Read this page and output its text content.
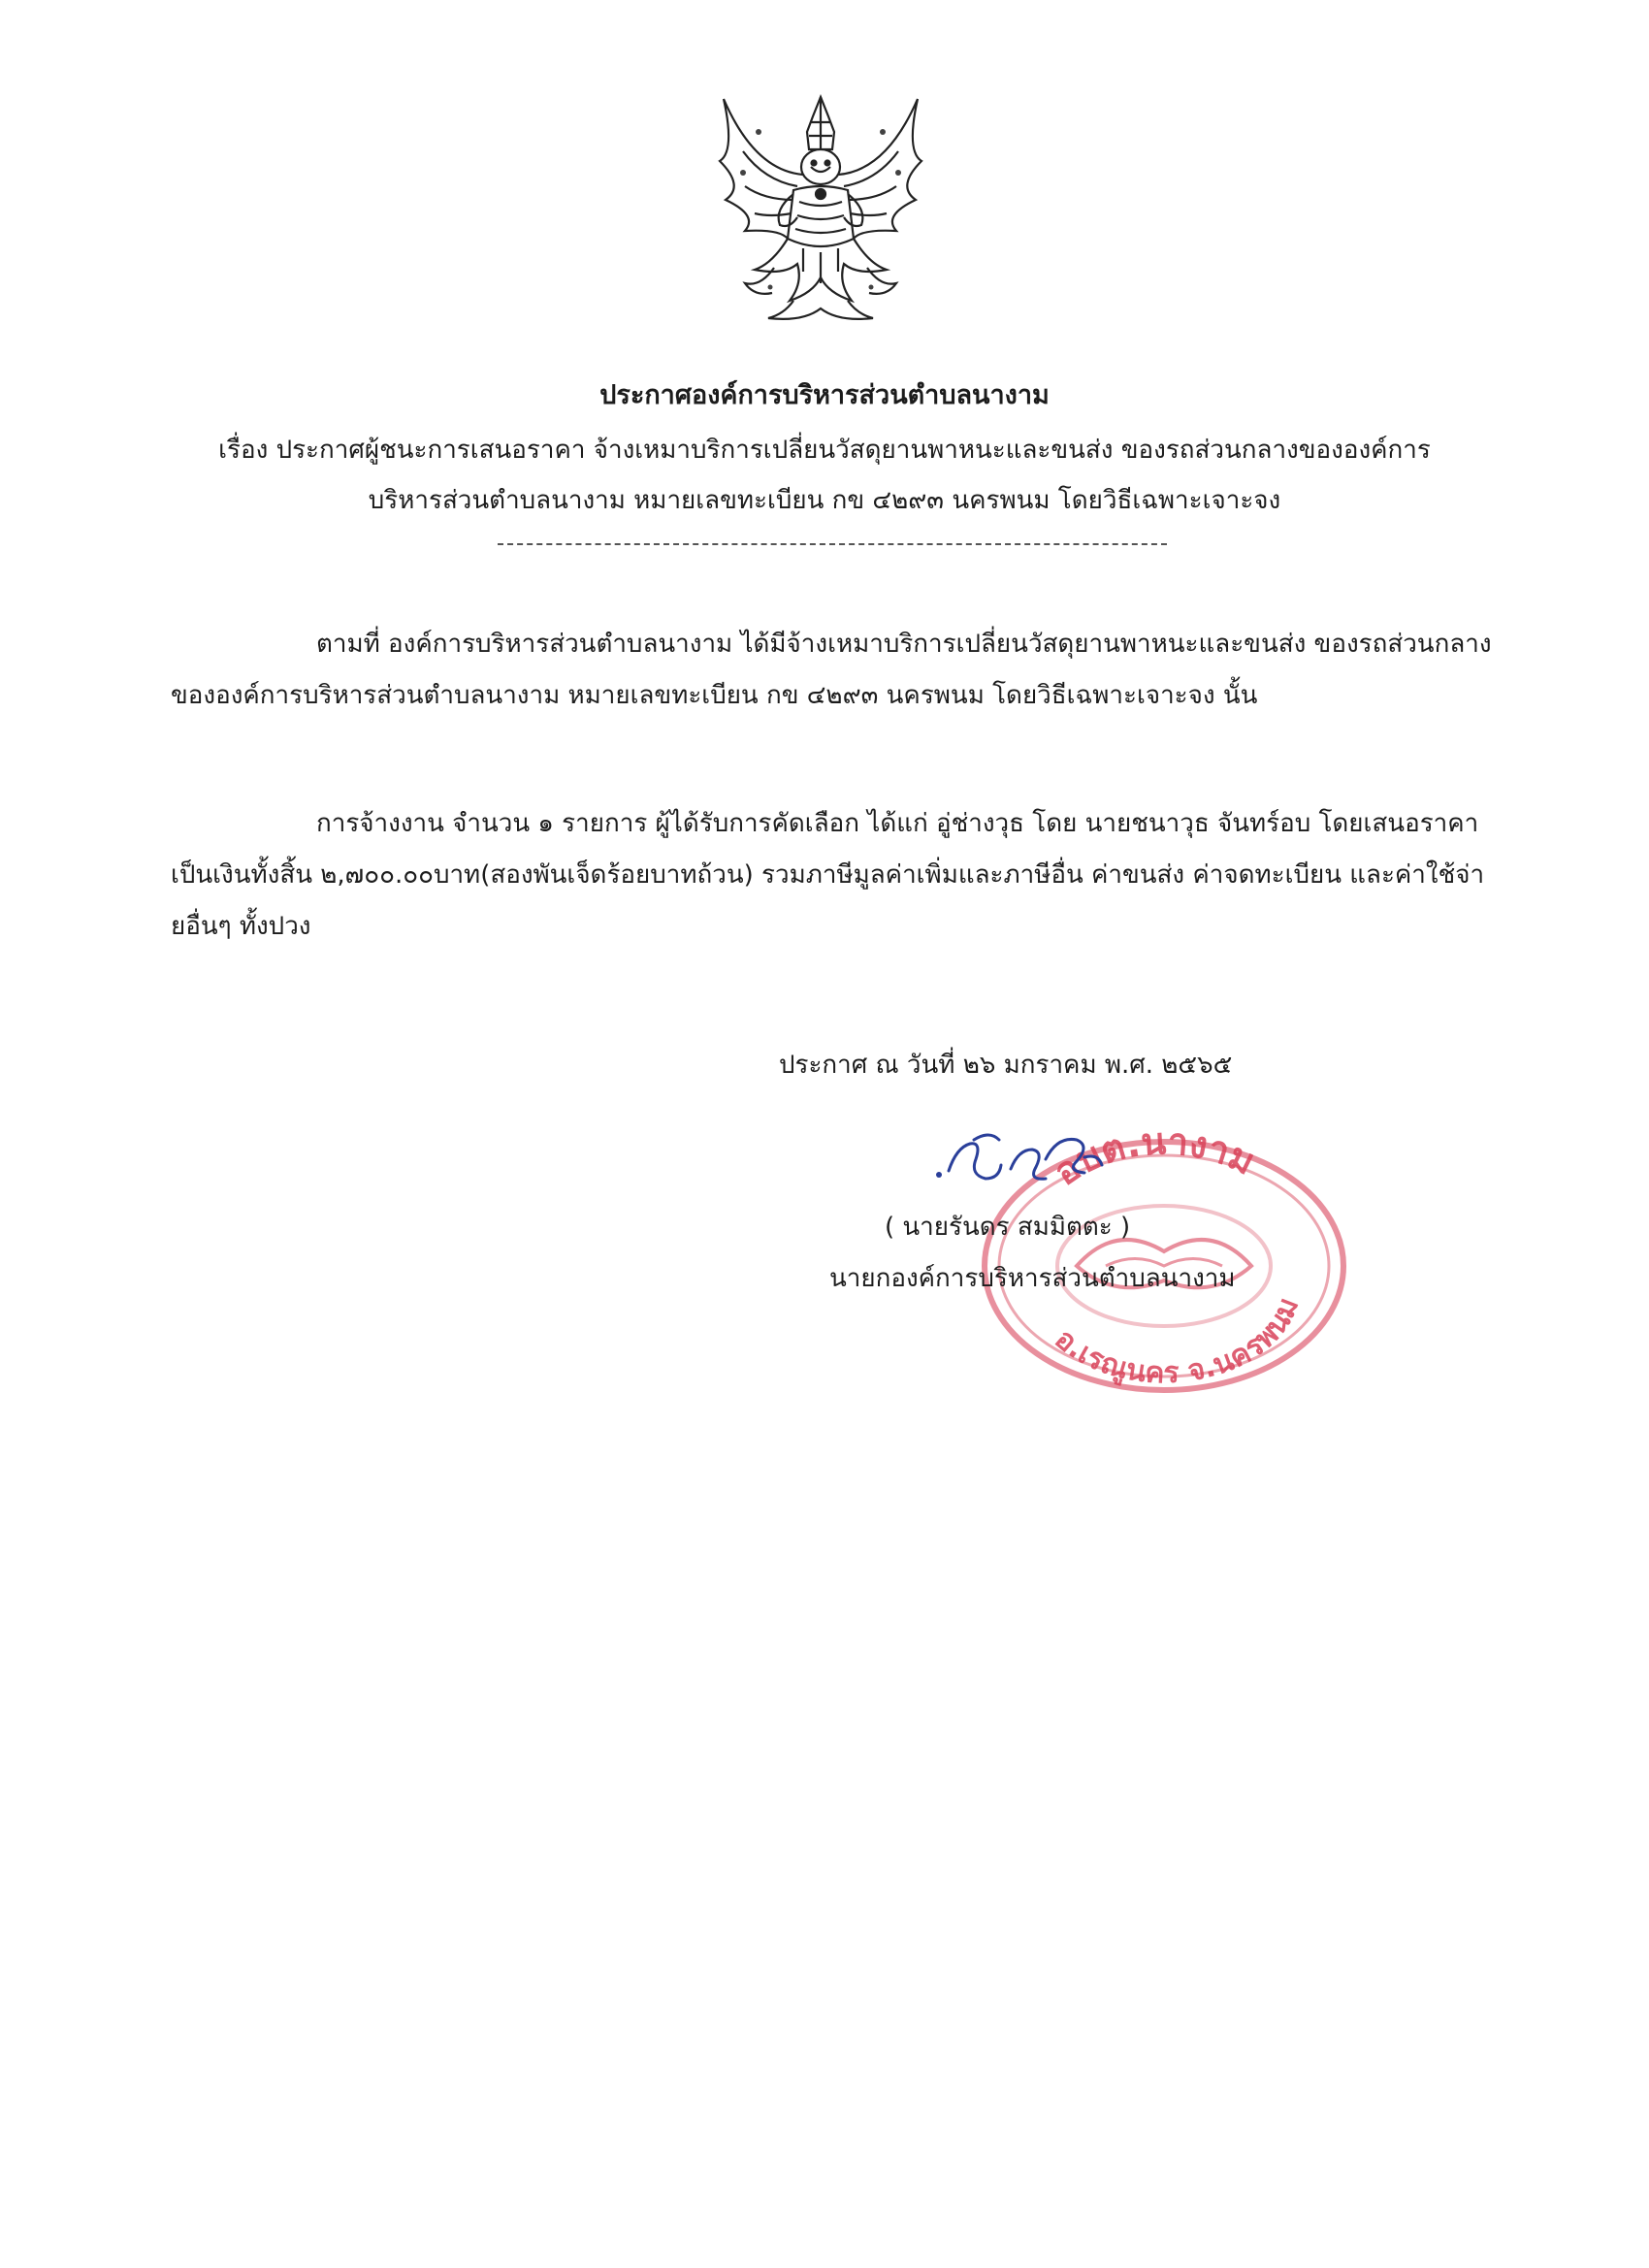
ประกาศองค์การบริหารส่วนตำบลนางาม
เรื่อง ประกาศผู้ชนะการเสนอราคา จ้างเหมาบริการเปลี่ยนวัสดุยานพาหนะและขนส่ง ของรถส่วนกลางขององค์การ
บริหารส่วนตำบลนางาม หมายเลขทะเบียน กข ๔๒๙๓ นครพนม โดยวิธีเฉพาะเจาะจง
ตามที่ องค์การบริหารส่วนตำบลนางาม ได้มีจ้างเหมาบริการเปลี่ยนวัสดุยานพาหนะและขนส่ง ของรถส่วนกลางขององค์การบริหารส่วนตำบลนางาม หมายเลขทะเบียน กข ๔๒๙๓ นครพนม โดยวิธีเฉพาะเจาะจง นั้น
การจ้างงาน จำนวน ๑ รายการ ผู้ได้รับการคัดเลือก ได้แก่ อู่ช่างวุธ โดย นายชนาวุธ จันทร์อบ โดยเสนอราคา เป็นเงินทั้งสิ้น ๒,๗๐๐.๐๐บาท(สองพันเจ็ดร้อยบาทถ้วน) รวมภาษีมูลค่าเพิ่มและภาษีอื่น ค่าขนส่ง ค่าจดทะเบียน และค่าใช้จ่ายอื่นๆ ทั้งปวง
ประกาศ ณ วันที่ ๒๖ มกราคม พ.ศ. ๒๕๖๕
อบต.นางาม
อ.เรณูนคร จ.นครพนม
( นายรันดร สมมิตตะ )
นายกองค์การบริหารส่วนตำบลนางาม
